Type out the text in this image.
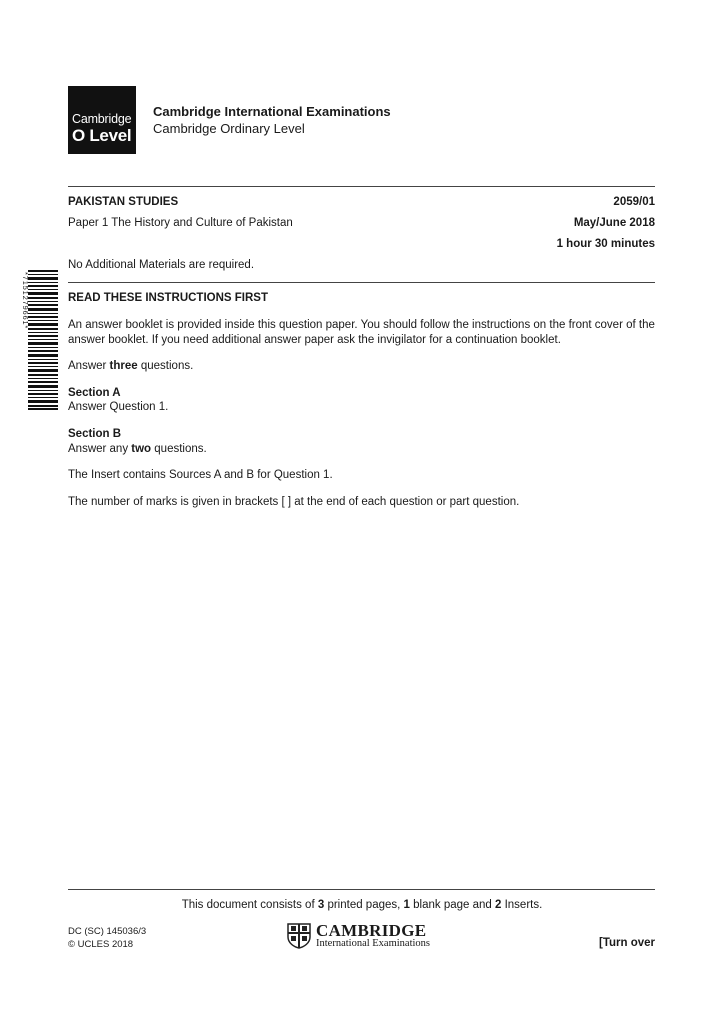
Cambridge
O Level
Cambridge International Examinations
Cambridge Ordinary Level
PAKISTAN STUDIES	2059/01
Paper 1 The History and Culture of Pakistan	May/June 2018
1 hour 30 minutes
No Additional Materials are required.
*7151279661*	READ THESE INSTRUCTIONS FIRST
An answer booklet is provided inside this question paper. You should follow the instructions on the front cover of the answer booklet. If you need additional answer paper ask the invigilator for a continuation booklet.
Answer three questions.
Section A
Answer Question 1.
Section B
Answer any two questions.
The Insert contains Sources A and B for Question 1.
The number of marks is given in brackets [ ] at the end of each question or part question.
This document consists of 3 printed pages, 1 blank page and 2 Inserts.
DC (SC) 145036/3
© UCLES 2018
CAMBRIDGE
International Examinations	[Turn over
